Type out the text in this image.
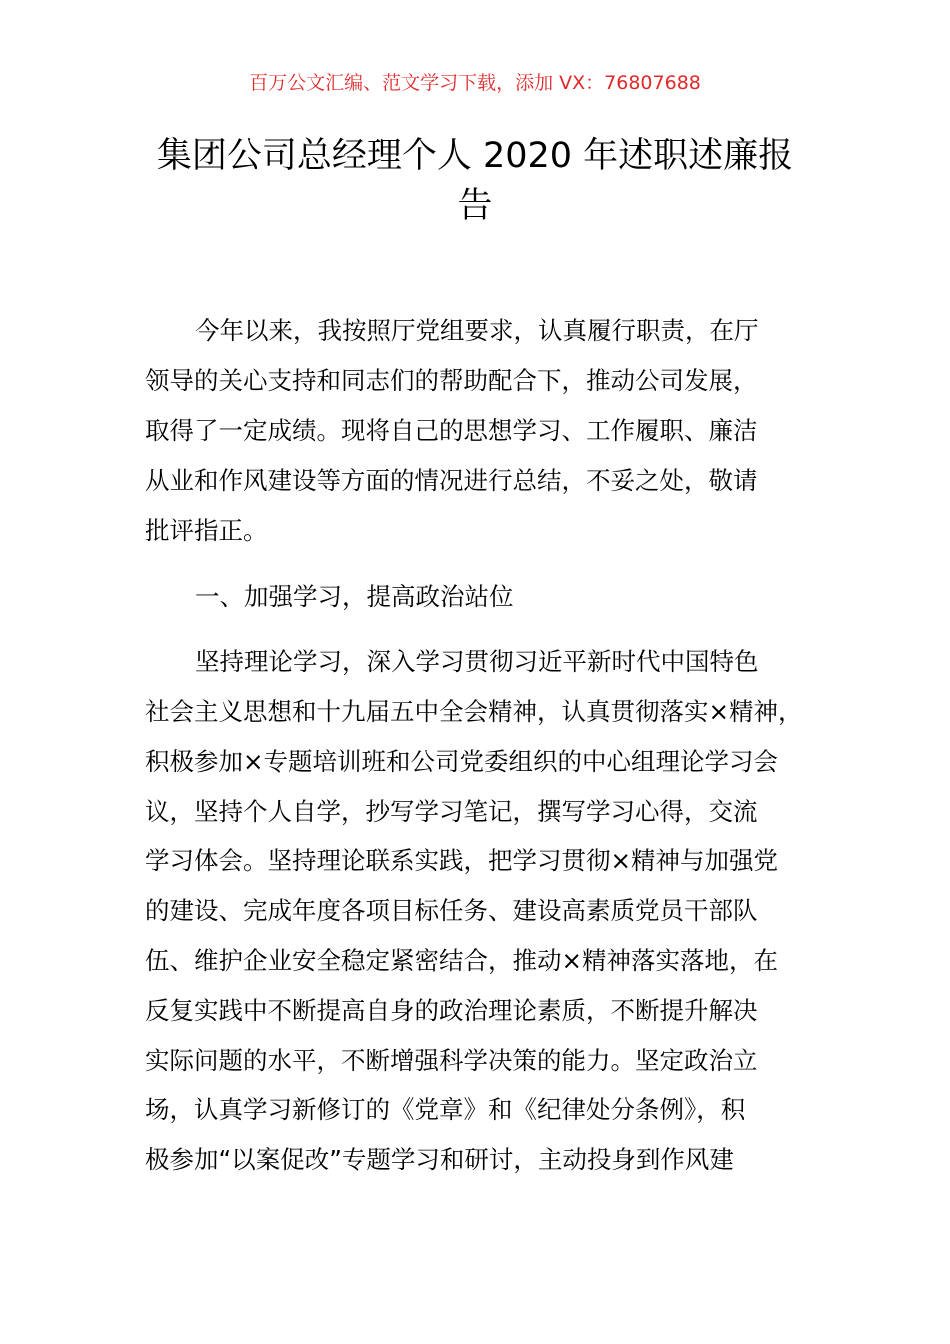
百万公文汇编、范文学习下载，添加 VX：76807688
集团公司总经理个人 2020 年述职述廉报
告
今年以来，我按照厅党组要求，认真履行职责，在厅
领导的关心支持和同志们的帮助配合下，推动公司发展，
取得了一定成绩。现将自己的思想学习、工作履职、廉洁
从业和作风建设等方面的情况进行总结，不妥之处，敬请
批评指正。
一、加强学习，提高政治站位
坚持理论学习，深入学习贯彻习近平新时代中国特色
社会主义思想和十九届五中全会精神，认真贯彻落实×精神，
积极参加×专题培训班和公司党委组织的中心组理论学习会
议，坚持个人自学，抄写学习笔记，撰写学习心得，交流
学习体会。坚持理论联系实践，把学习贯彻×精神与加强党
的建设、完成年度各项目标任务、建设高素质党员干部队
伍、维护企业安全稳定紧密结合，推动×精神落实落地，在
反复实践中不断提高自身的政治理论素质，不断提升解决
实际问题的水平，不断增强科学决策的能力。坚定政治立
场，认真学习新修订的《党章》和《纪律处分条例》，积
极参加“以案促改”专题学习和研讨，主动投身到作风建
